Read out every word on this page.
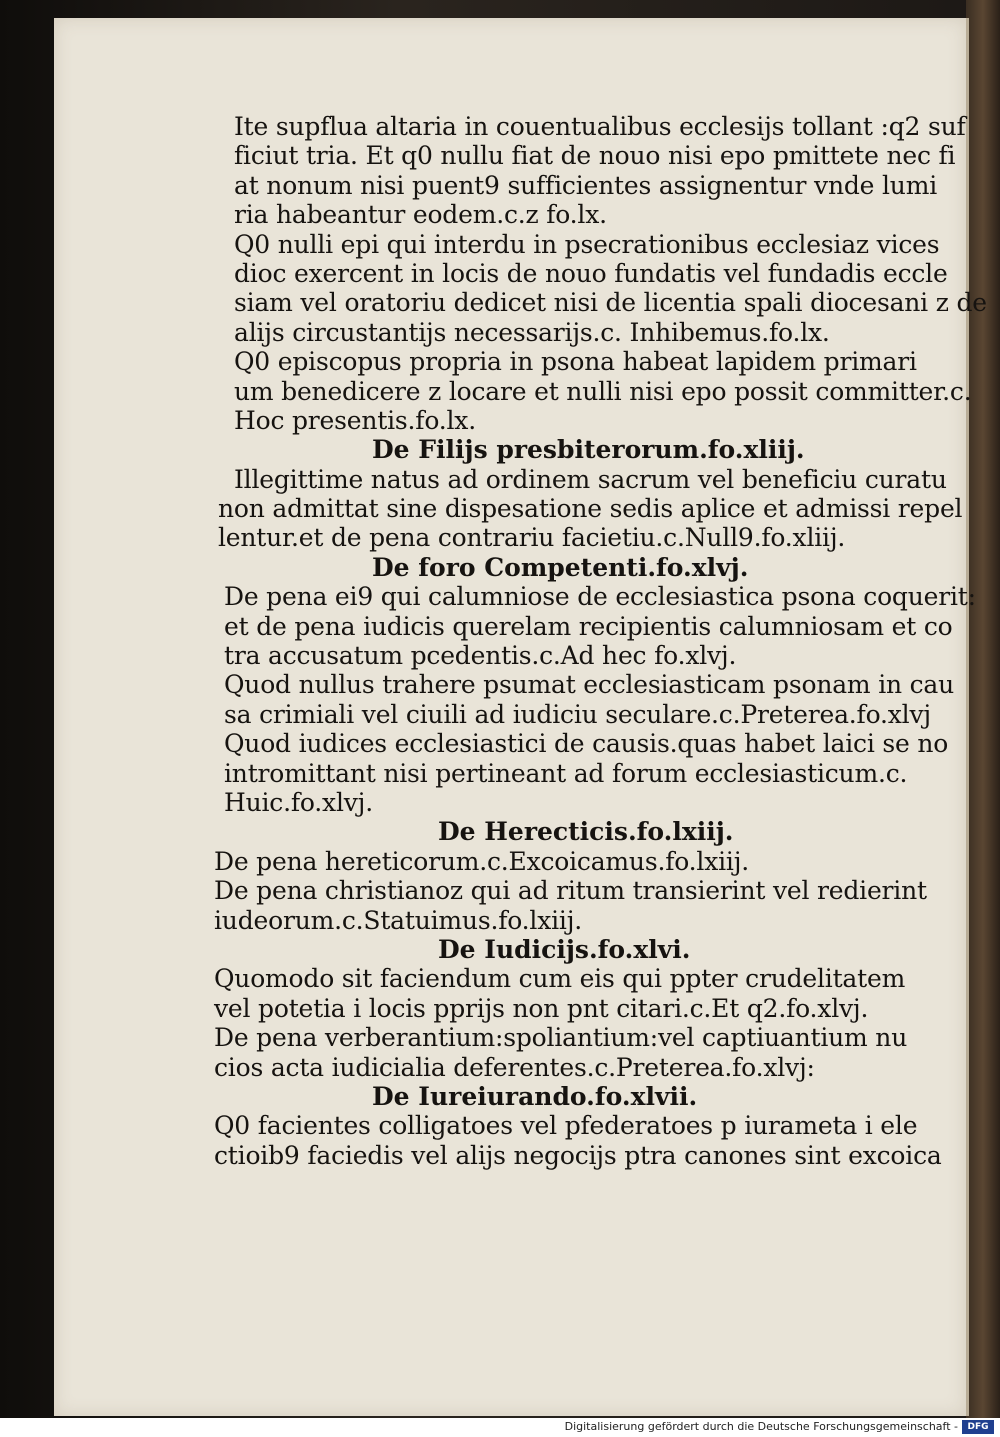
Ite supflua altaria in couentualibus ecclesijs tollant :q2 suf
ficiut tria. Et q0 nullu fiat de nouo nisi epo pmittete nec fi
at nonum nisi puent9 sufficientes assignentur vnde lumi
ria habeantur eodem.c.z fo.lx.
Q0 nulli epi qui interdu in psecrationibus ecclesiaz vices
dioc exercent in locis de nouo fundatis vel fundadis eccle
siam vel oratoriu dedicet nisi de licentia spali diocesani z de
alijs circustantijs necessarijs.c. Inhibemus.fo.lx.
Q0 episcopus propria in psona habeat lapidem primari
um benedicere z locare et nulli nisi epo possit committer.c.
Hoc presentis.fo.lx.
De Filijs presbiterorum.fo.xliij.
Illegittime natus ad ordinem sacrum vel beneficiu curatu
non admittat sine dispesatione sedis aplice et admissi repel
lentur.et de pena contrariu facietiu.c.Null9.fo.xliij.
De foro Competenti.fo.xlvj.
De pena ei9 qui calumniose de ecclesiastica psona coquerit:
et de pena iudicis querelam recipientis calumniosam et co
tra accusatum pcedentis.c.Ad hec fo.xlvj.
Quod nullus trahere psumat ecclesiasticam psonam in cau
sa crimiali vel ciuili ad iudiciu seculare.c.Preterea.fo.xlvj
Quod iudices ecclesiastici de causis.quas habet laici se no
intromittant nisi pertineant ad forum ecclesiasticum.c.
Huic.fo.xlvj.
De Herecticis.fo.lxiij.
De pena hereticorum.c.Excoicamus.fo.lxiij.
De pena christianoz qui ad ritum transierint vel redierint
iudeorum.c.Statuimus.fo.lxiij.
De Iudicijs.fo.xlvi.
Quomodo sit faciendum cum eis qui ppter crudelitatem
vel potetia i locis pprijs non pnt citari.c.Et q2.fo.xlvj.
De pena verberantium:spoliantium:vel captiuantium nu
cios acta iudicialia deferentes.c.Preterea.fo.xlvj:
De Iureiurando.fo.xlvii.
Q0 facientes colligatoes vel pfederatoes p iurameta i ele
ctioib9 faciedis vel alijs negocijs ptra canones sint excoica
Digitalisierung gefördert durch die Deutsche Forschungsgemeinschaft -	DFG
